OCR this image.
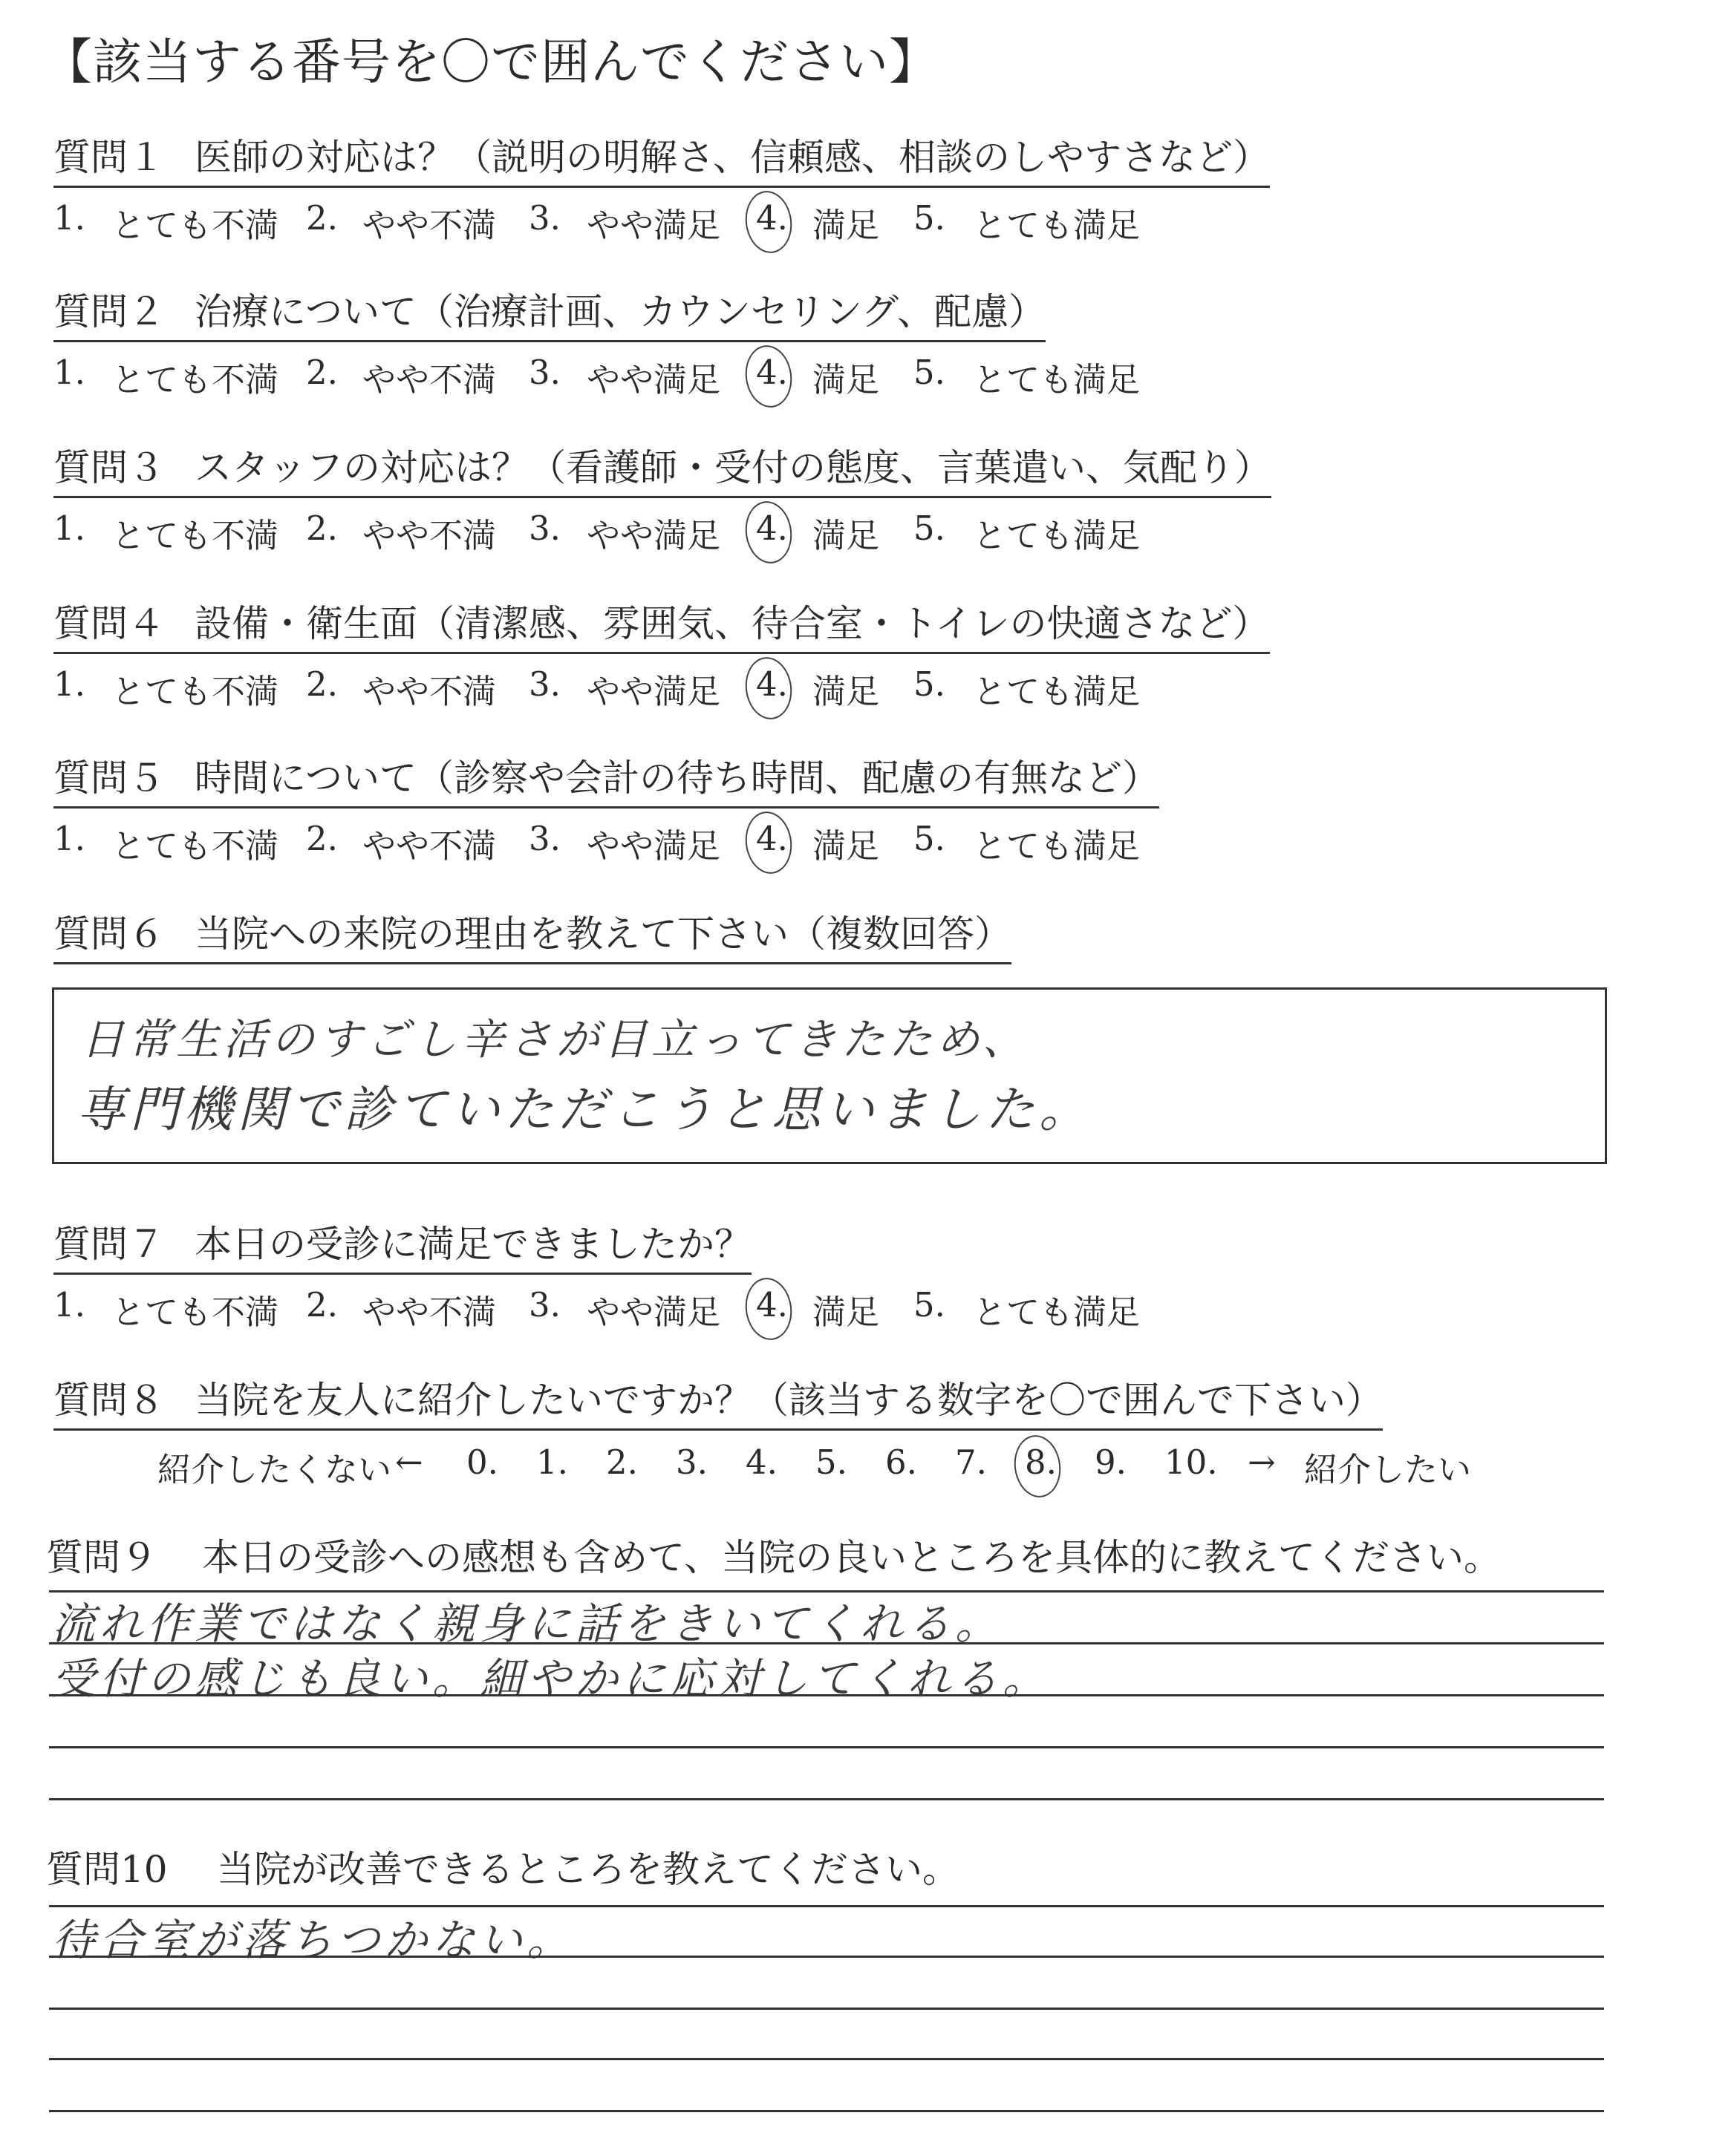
【該当する番号を〇で囲んでください】
質問１ 医師の対応は？（説明の明解さ、信頼感、相談のしやすさなど）
1. とても不満 2. やや不満 3. やや満足 4. 満足 5. とても満足
質問２ 治療について（治療計画、カウンセリング、配慮）
1. とても不満 2. やや不満 3. やや満足 4. 満足 5. とても満足
質問３ スタッフの対応は？（看護師・受付の態度、言葉遣い、気配り）
1. とても不満 2. やや不満 3. やや満足 4. 満足 5. とても満足
質問４ 設備・衛生面（清潔感、雰囲気、待合室・トイレの快適さなど）
1. とても不満 2. やや不満 3. やや満足 4. 満足 5. とても満足
質問５ 時間について（診察や会計の待ち時間、配慮の有無など）
1. とても不満 2. やや不満 3. やや満足 4. 満足 5. とても満足
質問６ 当院への来院の理由を教えて下さい（複数回答）
日常生活のすごし辛さが目立ってきたため、
専門機関で診ていただこうと思いました。
質問７ 本日の受診に満足できましたか？
1. とても不満 2. やや不満 3. やや満足 4. 満足 5. とても満足
質問８ 当院を友人に紹介したいですか？（該当する数字を〇で囲んで下さい）
紹介したくない ← 0. 1. 2. 3. 4. 5. 6. 7. 8. 9. 10. → 紹介したい
質問９ 本日の受診への感想も含めて、当院の良いところを具体的に教えてください。
流れ作業ではなく親身に話をきいてくれる。
受付の感じも良い。細やかに応対してくれる。
質問10 当院が改善できるところを教えてください。
待合室が落ちつかない。
